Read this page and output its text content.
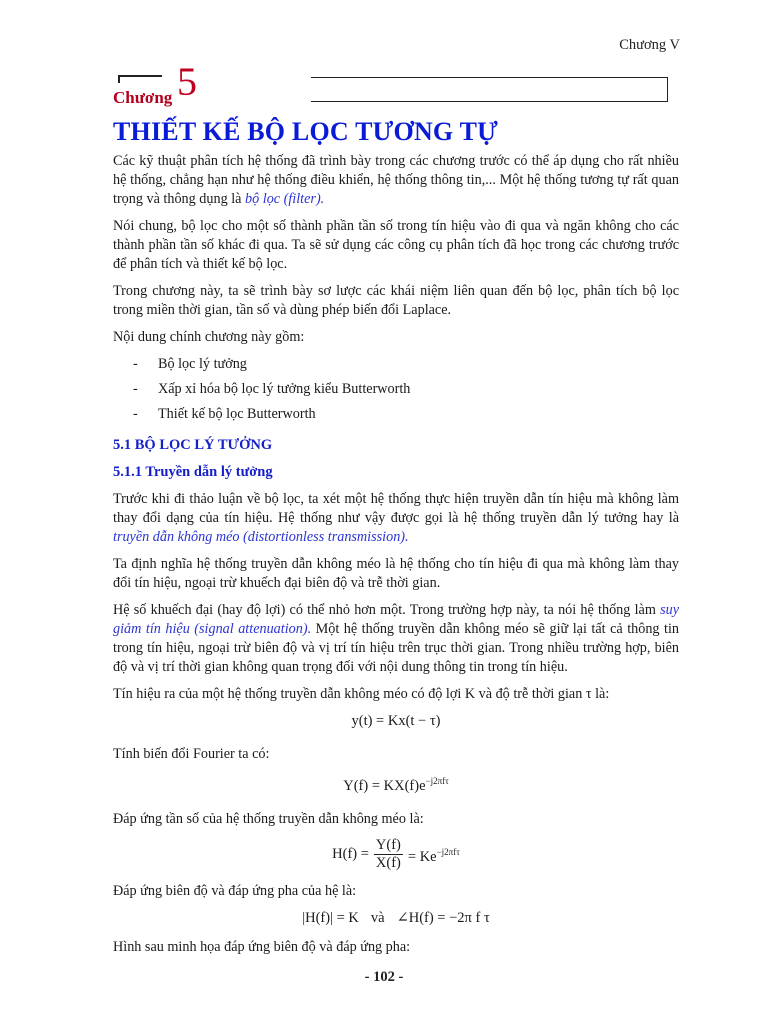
Chương V
Chương 5
THIẾT KẾ BỘ LỌC TƯƠNG TỰ

Các kỹ thuật phân tích hệ thống đã trình bày trong các chương trước có thể áp dụng cho rất nhiều hệ thống, chẳng hạn như hệ thống điều khiển, hệ thống thông tin,... Một hệ thống tương tự rất quan trọng và thông dụng là bộ lọc (filter).

Nói chung, bộ lọc cho một số thành phần tần số trong tín hiệu vào đi qua và ngăn không cho các thành phần tần số khác đi qua. Ta sẽ sử dụng các công cụ phân tích đã học trong các chương trước để phân tích và thiết kế bộ lọc.

Trong chương này, ta sẽ trình bày sơ lược các khái niệm liên quan đến bộ lọc, phân tích bộ lọc trong miền thời gian, tần số và dùng phép biến đổi Laplace.

Nội dung chính chương này gồm:

- Bộ lọc lý tưởng
- Xấp xỉ hóa bộ lọc lý tưởng kiểu Butterworth
- Thiết kế bộ lọc Butterworth
5.1 BỘ LỌC LÝ TƯỞNG
5.1.1 Truyền dẫn lý tưởng

Trước khi đi thảo luận về bộ lọc, ta xét một hệ thống thực hiện truyền dẫn tín hiệu mà không làm thay đổi dạng của tín hiệu. Hệ thống như vậy được gọi là hệ thống truyền dẫn lý tưởng hay là truyền dẫn không méo (distortionless transmission).

Ta định nghĩa hệ thống truyền dẫn không méo là hệ thống cho tín hiệu đi qua mà không làm thay đổi tín hiệu, ngoại trừ khuếch đại biên độ và trễ thời gian.

Hệ số khuếch đại (hay độ lợi) có thể nhỏ hơn một. Trong trường hợp này, ta nói hệ thống làm suy giảm tín hiệu (signal attenuation). Một hệ thống truyền dẫn không méo sẽ giữ lại tất cả thông tin trong tín hiệu, ngoại trừ biên độ và vị trí tín hiệu trên trục thời gian. Trong nhiều trường hợp, biên độ và vị trí thời gian không quan trọng đối với nội dung thông tin trong tín hiệu.

Tín hiệu ra của một hệ thống truyền dẫn không méo có độ lợi K và độ trễ thời gian τ là:

y(t) = Kx(t − τ)

Tính biến đổi Fourier ta có:

$Y(f) = KX(f)e^{-j2\pi f\tau}$

Đáp ứng tần số của hệ thống truyền dẫn không méo là:

$H(f) = \frac{Y(f)}{X(f)} = Ke^{-j2\pi f\tau}$

Đáp ứng biên độ và đáp ứng pha của hệ là:

|H(f)| = K và ∠H(f) = −2π f τ

Hình sau minh họa đáp ứng biên độ và đáp ứng pha:

- 102 -
